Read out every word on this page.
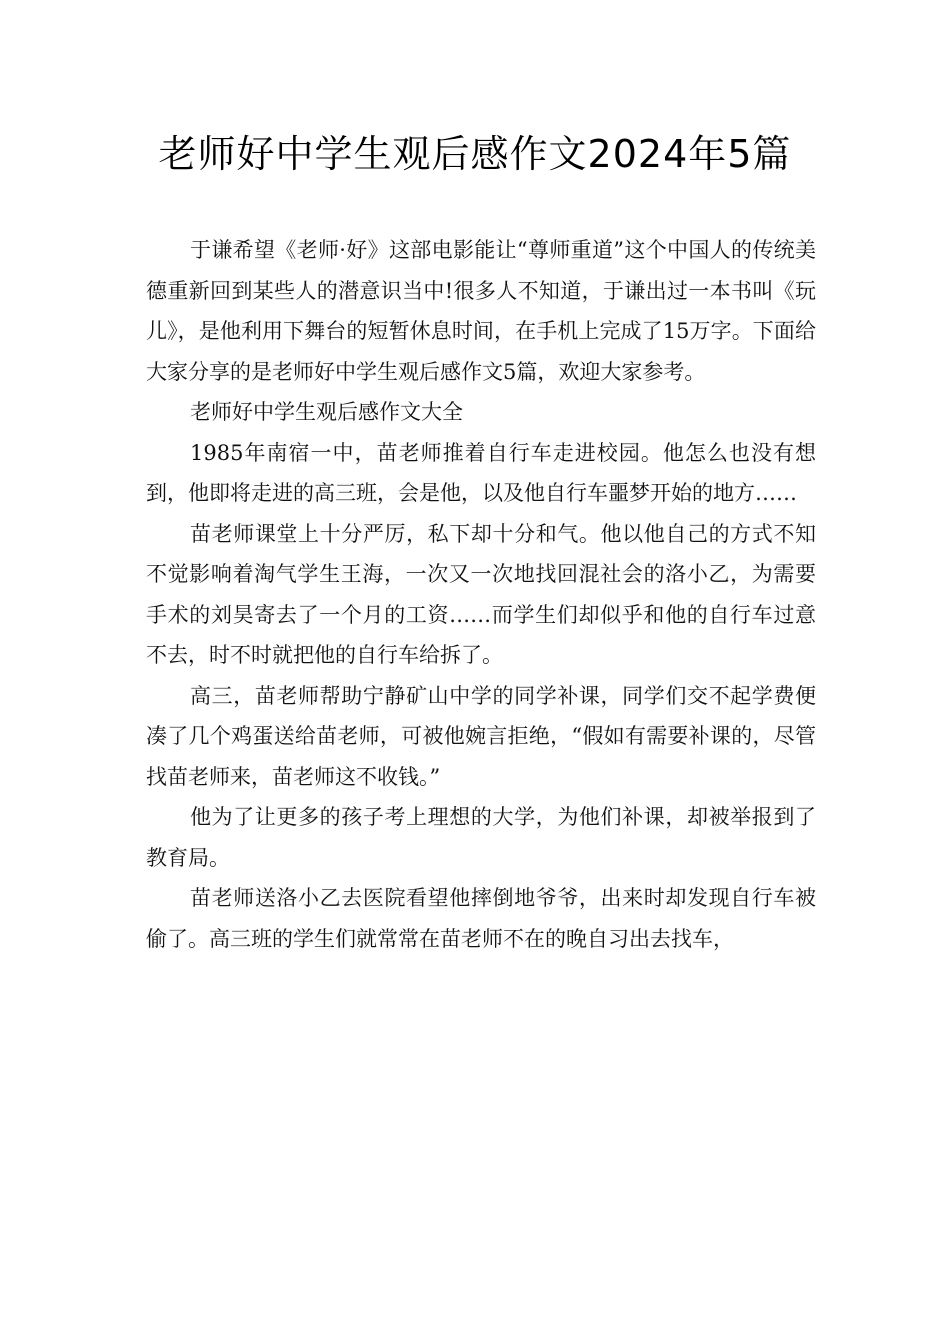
老师好中学生观后感作文2024年5篇

于谦希望《老师·好》这部电影能让“尊师重道”这个中国人的传统美德重新回到某些人的潜意识当中!很多人不知道，于谦出过一本书叫《玩儿》，是他利用下舞台的短暂休息时间，在手机上完成了15万字。下面给大家分享的是老师好中学生观后感作文5篇，欢迎大家参考。

老师好中学生观后感作文大全

1985年南宿一中，苗老师推着自行车走进校园。他怎么也没有想到，他即将走进的高三班，会是他，以及他自行车噩梦开始的地方……

苗老师课堂上十分严厉，私下却十分和气。他以他自己的方式不知不觉影响着淘气学生王海，一次又一次地找回混社会的洛小乙，为需要手术的刘昊寄去了一个月的工资……而学生们却似乎和他的自行车过意不去，时不时就把他的自行车给拆了。

高三，苗老师帮助宁静矿山中学的同学补课，同学们交不起学费便凑了几个鸡蛋送给苗老师，可被他婉言拒绝，“假如有需要补课的，尽管找苗老师来，苗老师这不收钱。”

他为了让更多的孩子考上理想的大学，为他们补课，却被举报到了教育局。

苗老师送洛小乙去医院看望他摔倒地爷爷，出来时却发现自行车被偷了。高三班的学生们就常常在苗老师不在的晚自习出去找车，
